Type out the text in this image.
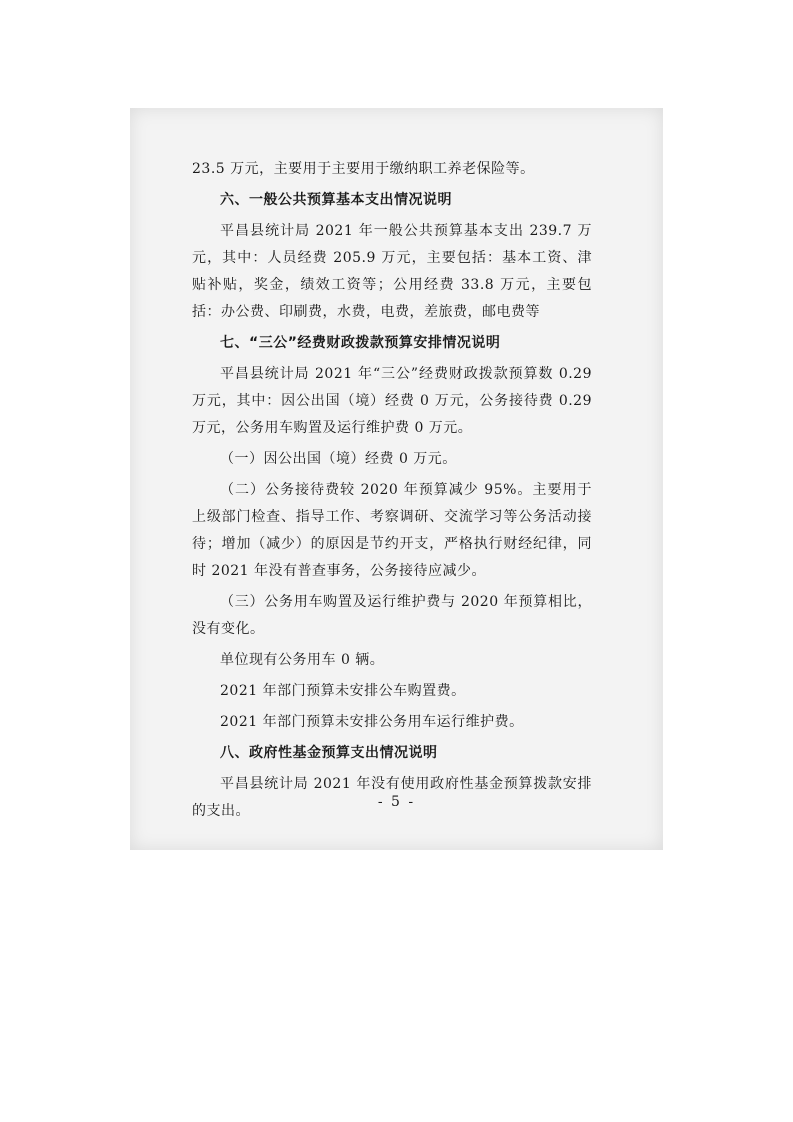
23.5 万元，主要用于主要用于缴纳职工养老保险等。

六、一般公共预算基本支出情况说明

平昌县统计局 2021 年一般公共预算基本支出 239.7 万元，其中：人员经费 205.9 万元，主要包括：基本工资、津贴补贴，奖金，绩效工资等；公用经费 33.8 万元，主要包括：办公费、印刷费，水费，电费，差旅费，邮电费等

七、“三公”经费财政拨款预算安排情况说明

平昌县统计局 2021 年“三公”经费财政拨款预算数 0.29 万元，其中：因公出国（境）经费 0 万元，公务接待费 0.29 万元，公务用车购置及运行维护费 0 万元。

（一）因公出国（境）经费 0 万元。

（二）公务接待费较 2020 年预算减少 95%。主要用于上级部门检查、指导工作、考察调研、交流学习等公务活动接待；增加（减少）的原因是节约开支，严格执行财经纪律，同时 2021 年没有普查事务，公务接待应减少。

（三）公务用车购置及运行维护费与 2020 年预算相比，没有变化。

单位现有公务用车 0 辆。

2021 年部门预算未安排公车购置费。

2021 年部门预算未安排公务用车运行维护费。

八、政府性基金预算支出情况说明

平昌县统计局 2021 年没有使用政府性基金预算拨款安排的支出。

- 5 -
